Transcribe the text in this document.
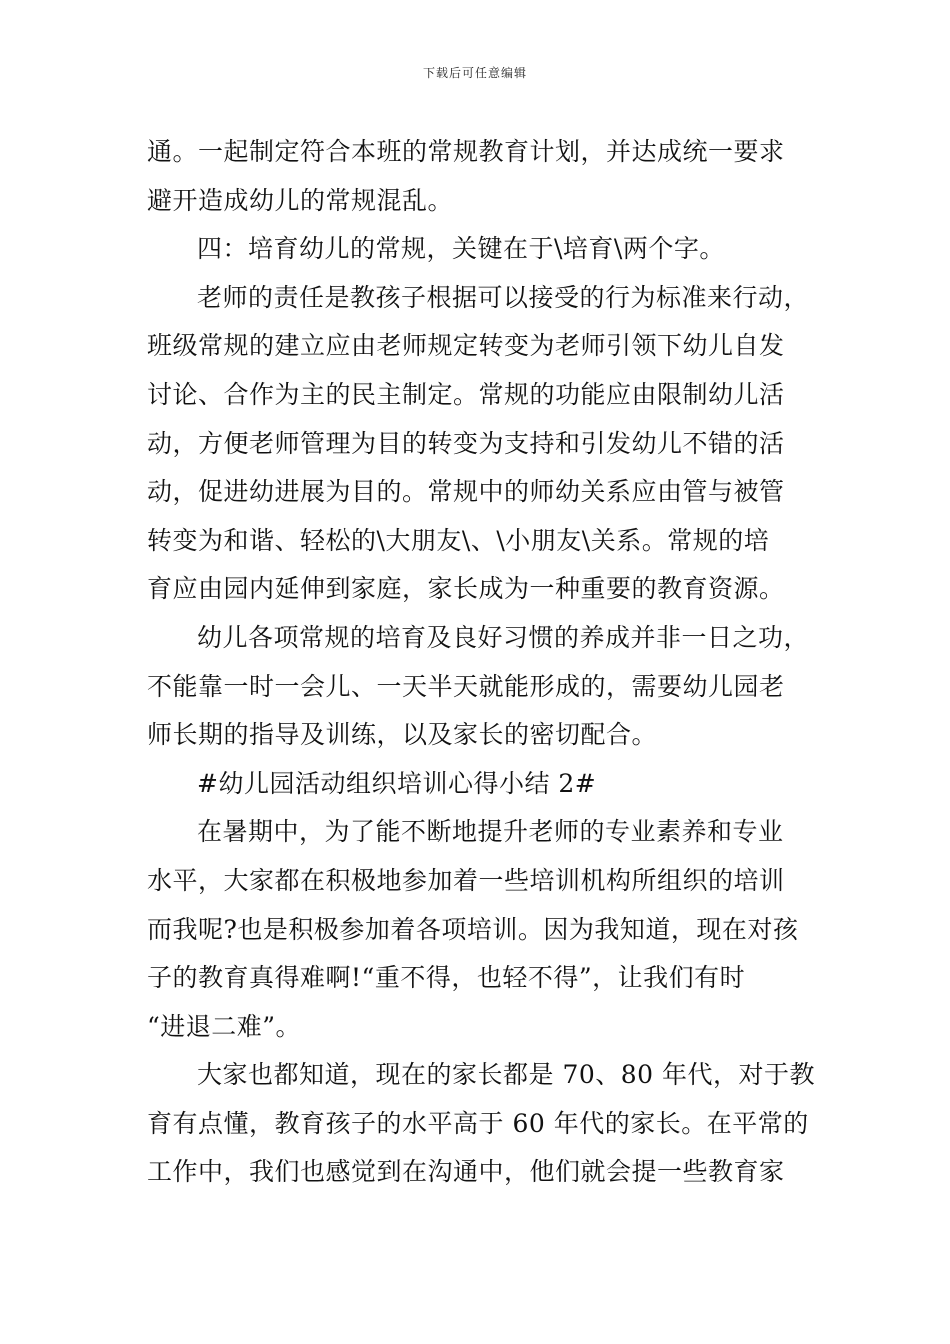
下载后可任意编辑
通。一起制定符合本班的常规教育计划，并达成统一要求
避开造成幼儿的常规混乱。
四：培育幼儿的常规，关键在于\培育\两个字。
老师的责任是教孩子根据可以接受的行为标准来行动，
班级常规的建立应由老师规定转变为老师引领下幼儿自发
讨论、合作为主的民主制定。常规的功能应由限制幼儿活
动，方便老师管理为目的转变为支持和引发幼儿不错的活
动，促进幼进展为目的。常规中的师幼关系应由管与被管
转变为和谐、轻松的\大朋友\、\小朋友\关系。常规的培
育应由园内延伸到家庭，家长成为一种重要的教育资源。
幼儿各项常规的培育及良好习惯的养成并非一日之功，
不能靠一时一会儿、一天半天就能形成的，需要幼儿园老
师长期的指导及训练，以及家长的密切配合。
#幼儿园活动组织培训心得小结 2#
在暑期中，为了能不断地提升老师的专业素养和专业
水平，大家都在积极地参加着一些培训机构所组织的培训
而我呢?也是积极参加着各项培训。因为我知道，现在对孩
子的教育真得难啊!“重不得，也轻不得”，让我们有时
“进退二难”。
大家也都知道，现在的家长都是 70、80 年代，对于教
育有点懂，教育孩子的水平高于 60 年代的家长。在平常的
工作中，我们也感觉到在沟通中，他们就会提一些教育家
